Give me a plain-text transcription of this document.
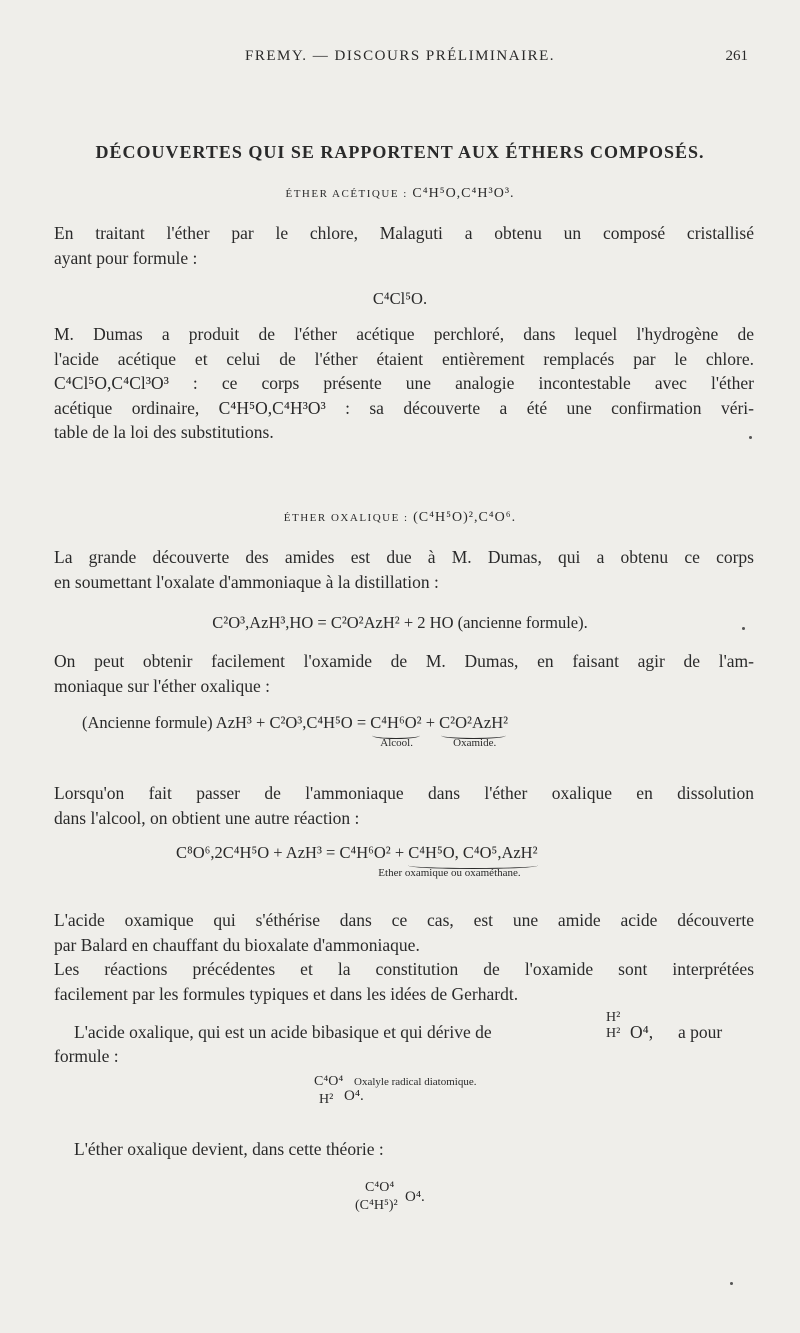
FREMY. — DISCOURS PRÉLIMINAIRE.	261
DÉCOUVERTES QUI SE RAPPORTENT AUX ÉTHERS COMPOSÉS.
ÉTHER ACÉTIQUE : C⁴H⁵O,C⁴H³O³.
En traitant l'éther par le chlore, Malaguti a obtenu un composé cristallisé
ayant pour formule :
C⁴Cl⁵O.
M. Dumas a produit de l'éther acétique perchloré, dans lequel l'hydrogène de
l'acide acétique et celui de l'éther étaient entièrement remplacés par le chlore.
C⁴Cl⁵O,C⁴Cl³O³ : ce corps présente une analogie incontestable avec l'éther
acétique ordinaire, C⁴H⁵O,C⁴H³O³ : sa découverte a été une confirmation véri-
table de la loi des substitutions.
ÉTHER OXALIQUE : (C⁴H⁵O)²,C⁴O⁶.
La grande découverte des amides est due à M. Dumas, qui a obtenu ce corps
en soumettant l'oxalate d'ammoniaque à la distillation :
C²O³,AzH³,HO = C²O²AzH² + 2 HO (ancienne formule).
On peut obtenir facilement l'oxamide de M. Dumas, en faisant agir de l'am-
moniaque sur l'éther oxalique :
(Ancienne formule) AzH³ + C²O³,C⁴H⁵O = C⁴H⁶O²
Alcool.
+ C²O²AzH²
Oxamide.
Lorsqu'on fait passer de l'ammoniaque dans l'éther oxalique en dissolution
dans l'alcool, on obtient une autre réaction :
C⁸O⁶,2C⁴H⁵O + AzH³ = C⁴H⁶O² + C⁴H⁵O, C⁴O⁵,AzH²
Ether oxamique ou oxaméthane.
L'acide oxamique qui s'éthérise dans ce cas, est une amide acide découverte
par Balard en chauffant du bioxalate d'ammoniaque.
Les réactions précédentes et la constitution de l'oxamide sont interprétées
facilement par les formules typiques et dans les idées de Gerhardt.
L'acide oxalique, qui est un acide bibasique et qui dérive de
H²
H² O⁴, a pour
formule :
C⁴O⁴ Oxalyle radical diatomique.
H² O⁴.
L'éther oxalique devient, dans cette théorie :
C⁴O⁴
(C⁴H⁵)²
O⁴.
